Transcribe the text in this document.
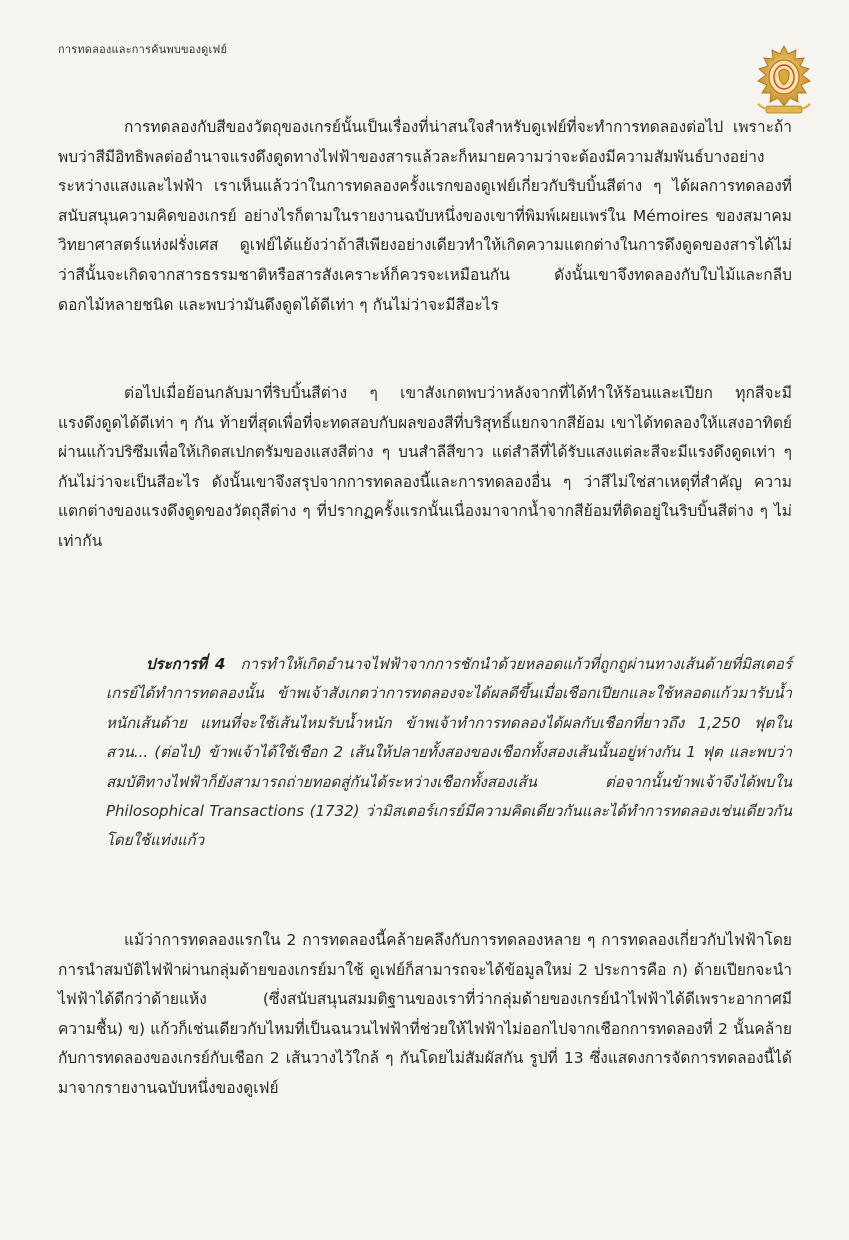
การทดลองและการค้นพบของดูเฟย์

การทดลองกับสีของวัตถุของเกรย์นั้นเป็นเรื่องที่น่าสนใจสำหรับดูเฟย์ที่จะทำการทดลองต่อไป เพราะถ้าพบว่าสีมีอิทธิพลต่ออำนาจแรงดึงดูดทางไฟฟ้าของสารแล้วละก็หมายความว่าจะต้องมีความสัมพันธ์บางอย่างระหว่างแสงและไฟฟ้า เราเห็นแล้วว่าในการทดลองครั้งแรกของดูเฟย์เกี่ยวกับริบบิ้นสีต่าง ๆ ได้ผลการทดลองที่สนับสนุนความคิดของเกรย์ อย่างไรก็ตามในรายงานฉบับหนึ่งของเขาที่พิมพ์เผยแพร่ใน Mémoires ของสมาคมวิทยาศาสตร์แห่งฝรั่งเศส ดูเฟย์ได้แย้งว่าถ้าสีเพียงอย่างเดียวทำให้เกิดความแตกต่างในการดึงดูดของสารได้ไม่ว่าสีนั้นจะเกิดจากสารธรรมชาติหรือสารสังเคราะห์ก็ควรจะเหมือนกัน ดังนั้นเขาจึงทดลองกับใบไม้และกลีบดอกไม้หลายชนิด และพบว่ามันดึงดูดได้ดีเท่า ๆ กันไม่ว่าจะมีสีอะไร

ต่อไปเมื่อย้อนกลับมาที่ริบบิ้นสีต่าง ๆ เขาสังเกตพบว่าหลังจากที่ได้ทำให้ร้อนและเปียก ทุกสีจะมีแรงดึงดูดได้ดีเท่า ๆ กัน ท้ายที่สุดเพื่อที่จะทดสอบกับผลของสีที่บริสุทธิ์แยกจากสีย้อม เขาได้ทดลองให้แสงอาทิตย์ผ่านแก้วปริซึมเพื่อให้เกิดสเปกตรัมของแสงสีต่าง ๆ บนสำลีสีขาว แต่สำลีที่ได้รับแสงแต่ละสีจะมีแรงดึงดูดเท่า ๆ กันไม่ว่าจะเป็นสีอะไร ดังนั้นเขาจึงสรุปจากการทดลองนี้และการทดลองอื่น ๆ ว่าสีไม่ใช่สาเหตุที่สำคัญ ความแตกต่างของแรงดึงดูดของวัตถุสีต่าง ๆ ที่ปรากฏครั้งแรกนั้นเนื่องมาจากน้ำจากสีย้อมที่ติดอยู่ในริบบิ้นสีต่าง ๆ ไม่เท่ากัน

ประการที่ 4 การทำให้เกิดอำนาจไฟฟ้าจากการชักนำด้วยหลอดแก้วที่ถูกถูผ่านทางเส้นด้ายที่มิสเตอร์เกรย์ได้ทำการทดลองนั้น ข้าพเจ้าสังเกตว่าการทดลองจะได้ผลดีขึ้นเมื่อเชือกเปียกและใช้หลอดแก้วมารับน้ำหนักเส้นด้าย แทนที่จะใช้เส้นไหมรับน้ำหนัก ข้าพเจ้าทำการทดลองได้ผลกับเชือกที่ยาวถึง 1,250 ฟุตในสวน... (ต่อไป) ข้าพเจ้าได้ใช้เชือก 2 เส้นให้ปลายทั้งสองของเชือกทั้งสองเส้นนั้นอยู่ห่างกัน 1 ฟุต และพบว่าสมบัติทางไฟฟ้าก็ยังสามารถถ่ายทอดสู่กันได้ระหว่างเชือกทั้งสองเส้น ต่อจากนั้นข้าพเจ้าจึงได้พบใน Philosophical Transactions (1732) ว่ามิสเตอร์เกรย์มีความคิดเดียวกันและได้ทำการทดลองเช่นเดียวกันโดยใช้แท่งแก้ว

แม้ว่าการทดลองแรกใน 2 การทดลองนี้คล้ายคลึงกับการทดลองหลาย ๆ การทดลองเกี่ยวกับไฟฟ้าโดยการนำสมบัติไฟฟ้าผ่านกลุ่มด้ายของเกรย์มาใช้ ดูเฟย์ก็สามารถจะได้ข้อมูลใหม่ 2 ประการคือ ก) ด้ายเปียกจะนำไฟฟ้าได้ดีกว่าด้ายแห้ง (ซึ่งสนับสนุนสมมติฐานของเราที่ว่ากลุ่มด้ายของเกรย์นำไฟฟ้าได้ดีเพราะอากาศมีความชื้น) ข) แก้วก็เช่นเดียวกับไหมที่เป็นฉนวนไฟฟ้าที่ช่วยให้ไฟฟ้าไม่ออกไปจากเชือกการทดลองที่ 2 นั้นคล้ายกับการทดลองของเกรย์กับเชือก 2 เส้นวางไว้ใกล้ ๆ กันโดยไม่สัมผัสกัน รูปที่ 13 ซึ่งแสดงการจัดการทดลองนี้ได้มาจากรายงานฉบับหนึ่งของดูเฟย์
